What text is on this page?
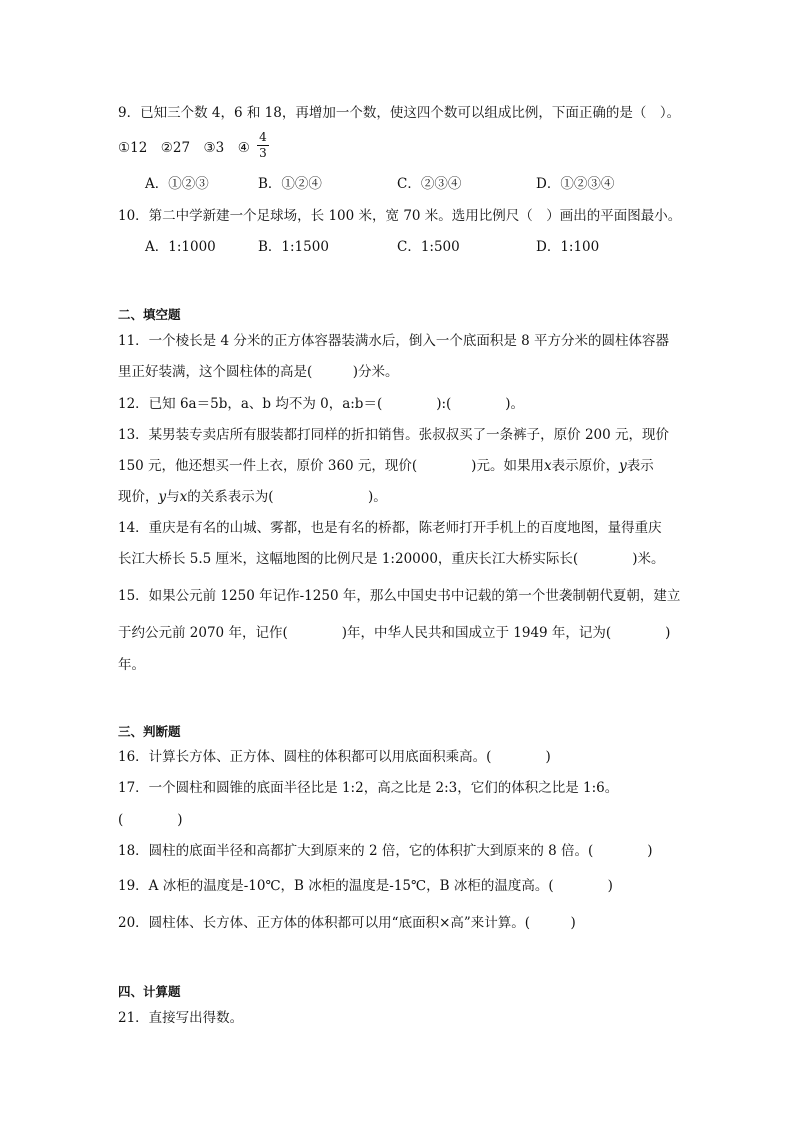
9．已知三个数 4，6 和 18，再增加一个数，使这四个数可以组成比例，下面正确的是（　）。
①12　②27　③3　④
4
3
A．①②③	B．①②④	C．②③④	D．①②③④
10．第二中学新建一个足球场，长 100 米，宽 70 米。选用比例尺（　）画出的平面图最小。
A．1:1000	B．1:1500	C．1:500	D．1:100
二、填空题
11．一个棱长是 4 分米的正方体容器装满水后，倒入一个底面积是 8 平方分米的圆柱体容器
里正好装满，这个圆柱体的高是(　　　)分米。
12．已知 6a＝5b，a、b 均不为 0，a:b＝(　　　　):(　　　　)。
13．某男装专卖店所有服装都打同样的折扣销售。张叔叔买了一条裤子，原价 200 元，现价
150 元，他还想买一件上衣，原价 360 元，现价(　　　　)元。如果用x表示原价，y表示
现价，y与x的关系表示为(　　　　　　　)。
14．重庆是有名的山城、雾都，也是有名的桥都，陈老师打开手机上的百度地图，量得重庆
长江大桥长 5.5 厘米，这幅地图的比例尺是 1:20000，重庆长江大桥实际长(　　　　)米。
15．如果公元前 1250 年记作-1250 年，那么中国史书中记载的第一个世袭制朝代夏朝，建立
于约公元前 2070 年，记作(　　　　)年，中华人民共和国成立于 1949 年，记为(　　　　)
年。
三、判断题
16．计算长方体、正方体、圆柱的体积都可以用底面积乘高。(　　　　)
17．一个圆柱和圆锥的底面半径比是 1:2，高之比是 2:3，它们的体积之比是 1:6。
(　　　　)
18．圆柱的底面半径和高都扩大到原来的 2 倍，它的体积扩大到原来的 8 倍。(　　　　)
19．A 冰柜的温度是-10℃，B 冰柜的温度是-15℃，B 冰柜的温度高。(　　　　)
20．圆柱体、长方体、正方体的体积都可以用“底面积×高”来计算。(　　　)
四、计算题
21．直接写出得数。
